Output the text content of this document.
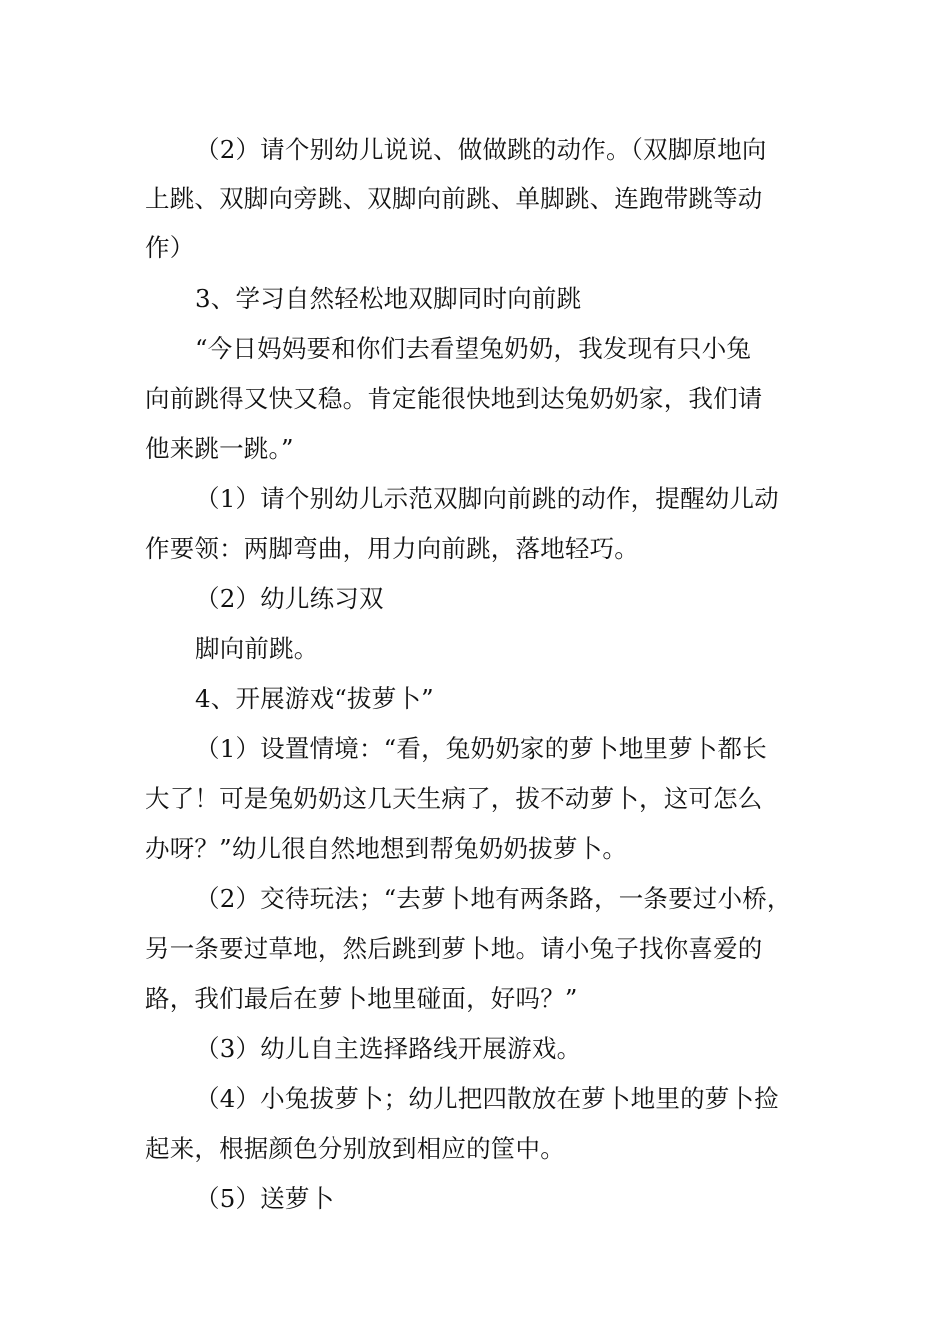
（2）请个别幼儿说说、做做跳的动作。（双脚原地向
上跳、双脚向旁跳、双脚向前跳、单脚跳、连跑带跳等动
作）
3、学习自然轻松地双脚同时向前跳
“今日妈妈要和你们去看望兔奶奶，我发现有只小兔
向前跳得又快又稳。肯定能很快地到达兔奶奶家，我们请
他来跳一跳。”
（1）请个别幼儿示范双脚向前跳的动作，提醒幼儿动
作要领：两脚弯曲，用力向前跳，落地轻巧。
（2）幼儿练习双
脚向前跳。
4、开展游戏“拔萝卜”
（1）设置情境：“看，兔奶奶家的萝卜地里萝卜都长
大了！可是兔奶奶这几天生病了，拔不动萝卜，这可怎么
办呀？”幼儿很自然地想到帮兔奶奶拔萝卜。
（2）交待玩法；“去萝卜地有两条路，一条要过小桥，
另一条要过草地，然后跳到萝卜地。请小兔子找你喜爱的
路，我们最后在萝卜地里碰面，好吗？”
（3）幼儿自主选择路线开展游戏。
（4）小兔拔萝卜；幼儿把四散放在萝卜地里的萝卜捡
起来，根据颜色分别放到相应的筐中。
（5）送萝卜
